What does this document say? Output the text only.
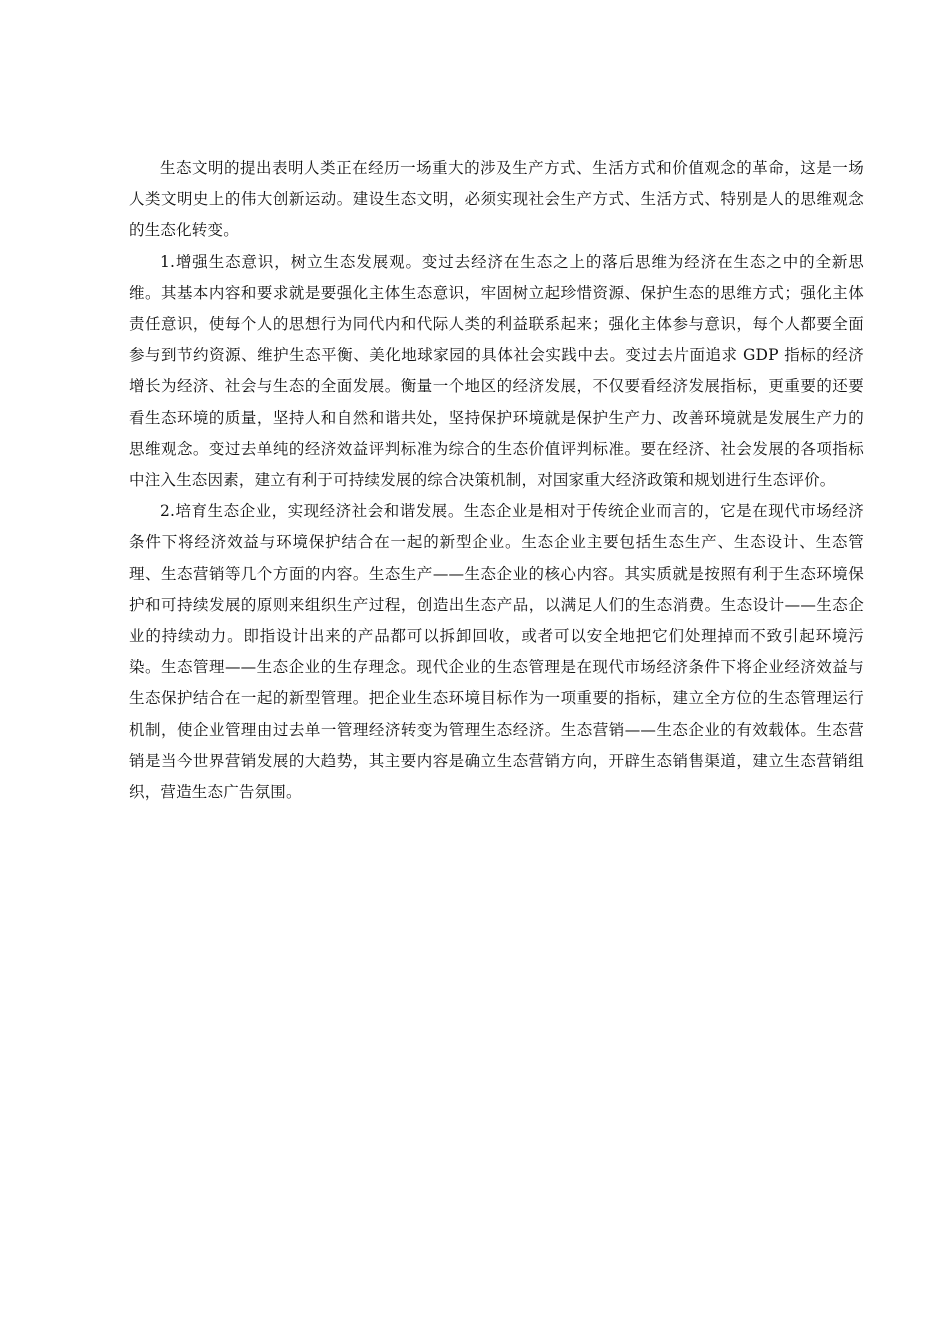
生态文明的提出表明人类正在经历一场重大的涉及生产方式、生活方式和价值观念的革命，这是一场人类文明史上的伟大创新运动。建设生态文明，必须实现社会生产方式、生活方式、特别是人的思维观念的生态化转变。

1.增强生态意识，树立生态发展观。变过去经济在生态之上的落后思维为经济在生态之中的全新思维。其基本内容和要求就是要强化主体生态意识，牢固树立起珍惜资源、保护生态的思维方式；强化主体责任意识，使每个人的思想行为同代内和代际人类的利益联系起来；强化主体参与意识，每个人都要全面参与到节约资源、维护生态平衡、美化地球家园的具体社会实践中去。变过去片面追求 GDP 指标的经济增长为经济、社会与生态的全面发展。衡量一个地区的经济发展，不仅要看经济发展指标，更重要的还要看生态环境的质量，坚持人和自然和谐共处，坚持保护环境就是保护生产力、改善环境就是发展生产力的思维观念。变过去单纯的经济效益评判标准为综合的生态价值评判标准。要在经济、社会发展的各项指标中注入生态因素，建立有利于可持续发展的综合决策机制，对国家重大经济政策和规划进行生态评价。

2.培育生态企业，实现经济社会和谐发展。生态企业是相对于传统企业而言的，它是在现代市场经济条件下将经济效益与环境保护结合在一起的新型企业。生态企业主要包括生态生产、生态设计、生态管理、生态营销等几个方面的内容。生态生产——生态企业的核心内容。其实质就是按照有利于生态环境保护和可持续发展的原则来组织生产过程，创造出生态产品，以满足人们的生态消费。生态设计——生态企业的持续动力。即指设计出来的产品都可以拆卸回收，或者可以安全地把它们处理掉而不致引起环境污染。生态管理——生态企业的生存理念。现代企业的生态管理是在现代市场经济条件下将企业经济效益与生态保护结合在一起的新型管理。把企业生态环境目标作为一项重要的指标，建立全方位的生态管理运行机制，使企业管理由过去单一管理经济转变为管理生态经济。生态营销——生态企业的有效载体。生态营销是当今世界营销发展的大趋势，其主要内容是确立生态营销方向，开辟生态销售渠道，建立生态营销组织，营造生态广告氛围。
